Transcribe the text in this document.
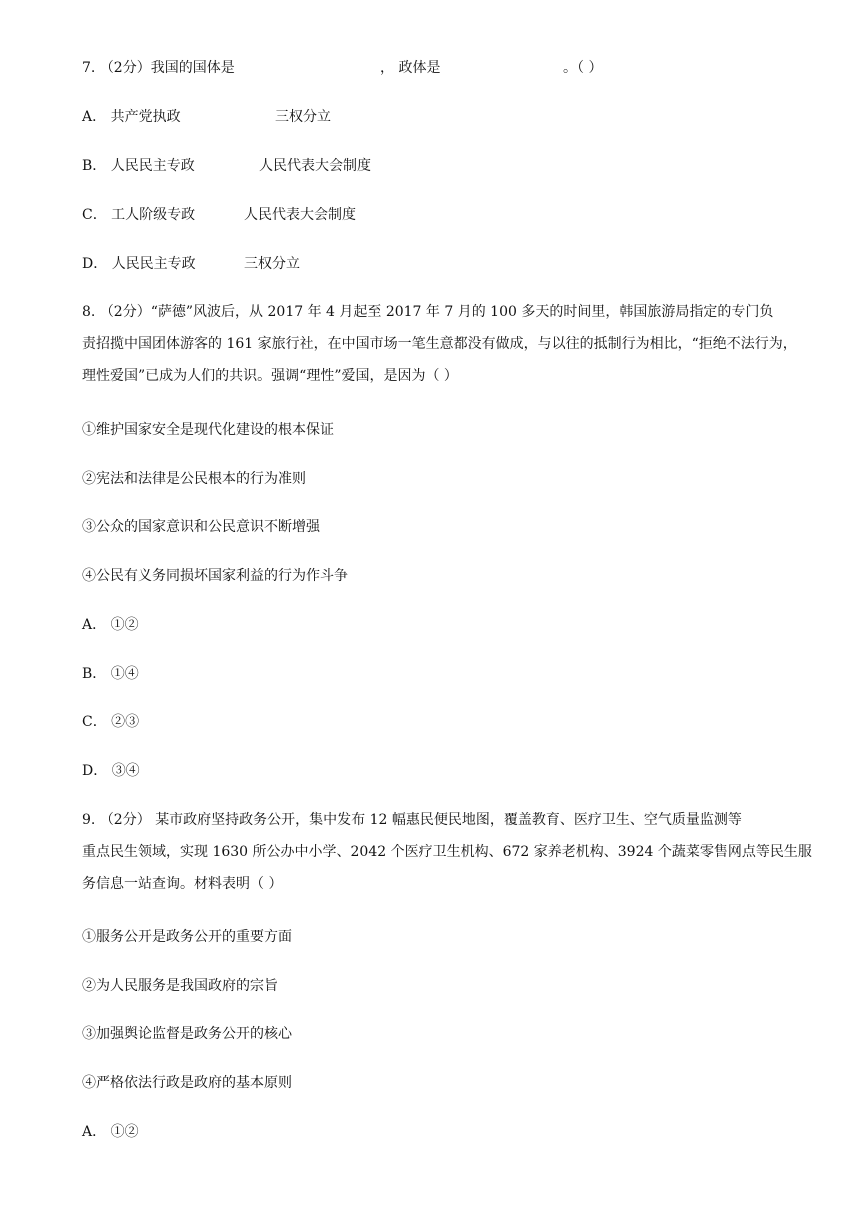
7. （2分）我国的国体是	， 政体是	。（ ）
A． 共产党执政	三权分立
B． 人民民主专政	人民代表大会制度
C． 工人阶级专政	人民代表大会制度
D． 人民民主专政	三权分立
8. （2分）“萨德”风波后，从 2017 年 4 月起至 2017 年 7 月的 100 多天的时间里，韩国旅游局指定的专门负
责招揽中国团体游客的 161 家旅行社，在中国市场一笔生意都没有做成，与以往的抵制行为相比，“拒绝不法行为，
理性爱国”已成为人们的共识。强调“理性”爱国，是因为（ ）
①维护国家安全是现代化建设的根本保证
②宪法和法律是公民根本的行为准则
③公众的国家意识和公民意识不断增强
④公民有义务同损坏国家利益的行为作斗争
A． ①②
B． ①④
C． ②③
D． ③④
9. （2分） 某市政府坚持政务公开，集中发布 12 幅惠民便民地图，覆盖教育、医疗卫生、空气质量监测等
重点民生领域，实现 1630 所公办中小学、2042 个医疗卫生机构、672 家养老机构、3924 个蔬菜零售网点等民生服
务信息一站查询。材料表明（ ）
①服务公开是政务公开的重要方面
②为人民服务是我国政府的宗旨
③加强舆论监督是政务公开的核心
④严格依法行政是政府的基本原则
A． ①②
